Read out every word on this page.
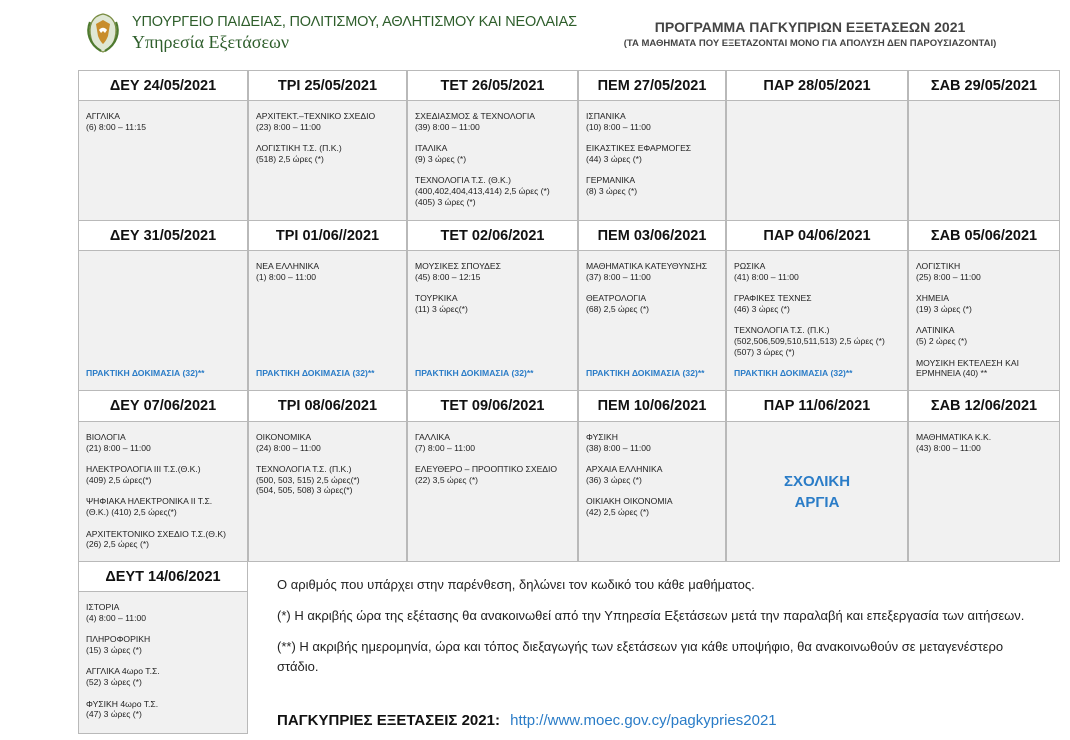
ΥΠΟΥΡΓΕΙΟ ΠΑΙΔΕΙΑΣ, ΠΟΛΙΤΙΣΜΟΥ, ΑΘΛΗΤΙΣΜΟΥ ΚΑΙ ΝΕΟΛΑΙΑΣ
Υπηρεσία Εξετάσεων
ΠΡΟΓΡΑΜΜΑ ΠΑΓΚΥΠΡΙΩΝ ΕΞΕΤΑΣΕΩΝ 2021
(ΤΑ ΜΑΘΗΜΑΤΑ ΠΟΥ ΕΞΕΤΑΖΟΝΤΑΙ ΜΟΝΟ ΓΙΑ ΑΠΟΛΥΣΗ ΔΕΝ ΠΑΡΟΥΣΙΑΖΟΝΤΑΙ)
ΔΕΥ 24/05/2021
ΑΓΓΛΙΚΑ
(6) 8:00 – 11:15
ΤΡΙ 25/05/2021
ΑΡΧΙΤΕΚΤ.–ΤΕΧΝΙΚΟ ΣΧΕΔΙΟ
(23) 8:00 – 11:00
ΛΟΓΙΣΤΙΚΗ Τ.Σ. (Π.Κ.)
(518) 2,5 ώρες (*)
ΤΕΤ 26/05/2021
ΣΧΕΔΙΑΣΜΟΣ & ΤΕΧΝΟΛΟΓΙΑ
(39) 8:00 – 11:00
ΙΤΑΛΙΚΑ
(9) 3 ώρες (*)
ΤΕΧΝΟΛΟΓΙΑ Τ.Σ. (Θ.Κ.)
(400,402,404,413,414) 2,5 ώρες (*)
(405) 3 ώρες (*)
ΠΕΜ 27/05/2021
ΙΣΠΑΝΙΚΑ
(10) 8:00 – 11:00
ΕΙΚΑΣΤΙΚΕΣ ΕΦΑΡΜΟΓΕΣ
(44) 3 ώρες (*)
ΓΕΡΜΑΝΙΚΑ
(8) 3 ώρες (*)
ΠΑΡ 28/05/2021	ΣΑΒ 29/05/2021
ΔΕΥ 31/05/2021
ΠΡΑΚΤΙΚΗ ΔΟΚΙΜΑΣΙΑ (32)**
ΤΡΙ 01/06//2021
ΝΕΑ ΕΛΛΗΝΙΚΑ
(1) 8:00 – 11:00
ΠΡΑΚΤΙΚΗ ΔΟΚΙΜΑΣΙΑ (32)**
ΤΕΤ 02/06/2021
ΜΟΥΣΙΚΕΣ ΣΠΟΥΔΕΣ
(45) 8:00 – 12:15
ΤΟΥΡΚΙΚΑ
(11) 3 ώρες(*)
ΠΡΑΚΤΙΚΗ ΔΟΚΙΜΑΣΙΑ (32)**
ΠΕΜ 03/06/2021
ΜΑΘΗΜΑΤΙΚΑ ΚΑΤΕΥΘΥΝΣΗΣ
(37) 8:00 – 11:00
ΘΕΑΤΡΟΛΟΓΙΑ
(68) 2,5 ώρες (*)
ΠΡΑΚΤΙΚΗ ΔΟΚΙΜΑΣΙΑ (32)**
ΠΑΡ 04/06/2021
ΡΩΣΙΚΑ
(41) 8:00 – 11:00
ΓΡΑΦΙΚΕΣ ΤΕΧΝΕΣ
(46) 3 ώρες (*)
ΤΕΧΝΟΛΟΓΙΑ Τ.Σ. (Π.Κ.)
(502,506,509,510,511,513) 2,5 ώρες (*)
(507) 3 ώρες (*)
ΠΡΑΚΤΙΚΗ ΔΟΚΙΜΑΣΙΑ (32)**
ΣΑΒ 05/06/2021
ΛΟΓΙΣΤΙΚΗ
(25) 8:00 – 11:00
ΧΗΜΕΙΑ
(19) 3 ώρες (*)
ΛΑΤΙΝΙΚΑ
(5) 2 ώρες (*)
ΜΟΥΣΙΚΗ ΕΚΤΕΛΕΣΗ ΚΑΙ
ΕΡΜΗΝΕΙΑ (40) **
ΔΕΥ 07/06/2021
ΒΙΟΛΟΓΙΑ
(21) 8:00 – 11:00
ΗΛΕΚΤΡΟΛΟΓΙΑ ΙΙΙ Τ.Σ.(Θ.Κ.)
(409) 2,5 ώρες(*)
ΨΗΦΙΑΚΑ ΗΛΕΚΤΡΟΝΙΚΑ ΙΙ Τ.Σ.
(Θ.Κ.) (410) 2,5 ώρες(*)
ΑΡΧΙΤΕΚΤΟΝΙΚΟ ΣΧΕΔΙΟ Τ.Σ.(Θ.Κ)
(26) 2,5 ώρες (*)
ΤΡΙ 08/06/2021
ΟΙΚΟΝΟΜΙΚΑ
(24) 8:00 – 11:00
ΤΕΧΝΟΛΟΓΙΑ Τ.Σ. (Π.Κ.)
(500, 503, 515) 2,5 ώρες(*)
(504, 505, 508) 3 ώρες(*)
ΤΕΤ 09/06/2021
ΓΑΛΛΙΚΑ
(7) 8:00 – 11:00
ΕΛΕΥΘΕΡΟ – ΠΡΟΟΠΤΙΚΟ ΣΧΕΔΙΟ
(22) 3,5 ώρες (*)
ΠΕΜ 10/06/2021
ΦΥΣΙΚΗ
(38) 8:00 – 11:00
ΑΡΧΑΙΑ ΕΛΛΗΝΙΚΑ
(36) 3 ώρες (*)
ΟΙΚΙΑΚΗ ΟΙΚΟΝΟΜΙΑ
(42) 2,5 ώρες (*)
ΠΑΡ 11/06/2021
ΣΧΟΛΙΚΗ
ΑΡΓΙΑ
ΣΑΒ 12/06/2021
ΜΑΘΗΜΑΤΙΚΑ Κ.Κ.
(43) 8:00 – 11:00
ΔΕΥΤ 14/06/2021
ΙΣΤΟΡΙΑ
(4) 8:00 – 11:00
ΠΛΗΡΟΦΟΡΙΚΗ
(15) 3 ώρες (*)
ΑΓΓΛΙΚΑ 4ωρο Τ.Σ.
(52) 3 ώρες (*)
ΦΥΣΙΚΗ 4ωρο Τ.Σ.
(47) 3 ώρες (*)

Ο αριθμός που υπάρχει στην παρένθεση, δηλώνει τον κωδικό του κάθε μαθήματος.

(*) Η ακριβής ώρα της εξέτασης θα ανακοινωθεί από την Υπηρεσία Εξετάσεων μετά την παραλαβή και επεξεργασία των αιτήσεων.

(**) Η ακριβής ημερομηνία, ώρα και τόπος διεξαγωγής των εξετάσεων για κάθε υποψήφιο, θα ανακοινωθούν σε μεταγενέστερο στάδιο.

ΠΑΓΚΥΠΡΙΕΣ ΕΞΕΤΑΣΕΙΣ 2021: http://www.moec.gov.cy/pagkypries2021
